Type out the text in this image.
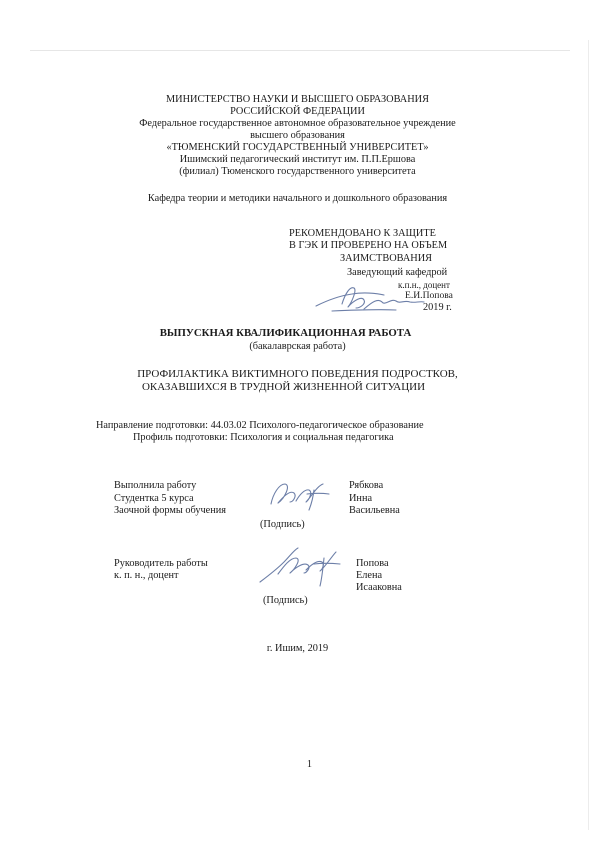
МИНИСТЕРСТВО НАУКИ И ВЫСШЕГО ОБРАЗОВАНИЯ
РОССИЙСКОЙ ФЕДЕРАЦИИ
Федеральное государственное автономное образовательное учреждение
высшего образования
«ТЮМЕНСКИЙ ГОСУДАРСТВЕННЫЙ УНИВЕРСИТЕТ»
Ишимский педагогический институт им. П.П.Ершова
(филиал) Тюменского государственного университета
Кафедра теории и методики начального и дошкольного образования
РЕКОМЕНДОВАНО К ЗАЩИТЕ
В ГЭК И ПРОВЕРЕНО НА ОБЪЕМ
ЗАИМСТВОВАНИЯ
Заведующий кафедрой
к.п.н., доцент
Е.И.Попова
2019 г.
ВЫПУСКНАЯ КВАЛИФИКАЦИОННАЯ РАБОТА
(бакалаврская работа)
ПРОФИЛАКТИКА ВИКТИМНОГО ПОВЕДЕНИЯ ПОДРОСТКОВ,
ОКАЗАВШИХСЯ В ТРУДНОЙ ЖИЗНЕННОЙ СИТУАЦИИ
Направление подготовки: 44.03.02 Психолого-педагогическое образование
Профиль подготовки: Психология и социальная педагогика
Выполнила работу
Студентка 5 курса
Заочной формы обучения
(Подпись)
Рябкова
Инна
Васильевна
Руководитель работы
к. п. н., доцент
(Подпись)
Попова
Елена
Исааковна
г. Ишим, 2019
1
